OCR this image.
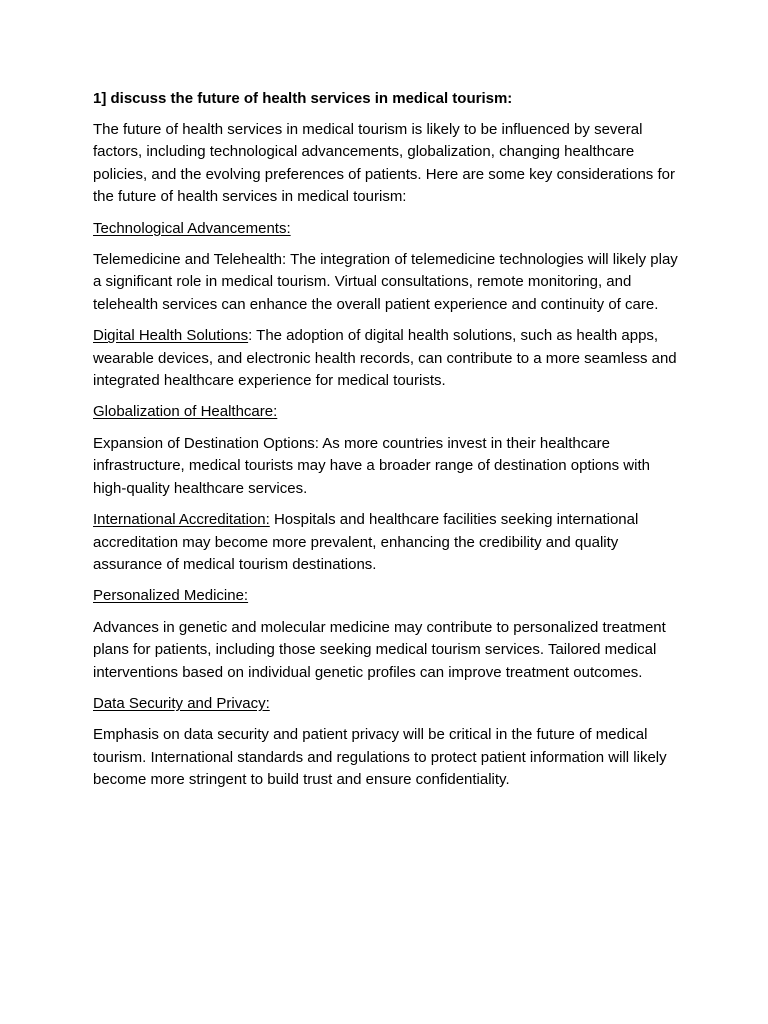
1] discuss the future of health services in medical tourism:

The future of health services in medical tourism is likely to be influenced by several factors, including technological advancements, globalization, changing healthcare policies, and the evolving preferences of patients. Here are some key considerations for the future of health services in medical tourism:

Technological Advancements:

Telemedicine and Telehealth: The integration of telemedicine technologies will likely play a significant role in medical tourism. Virtual consultations, remote monitoring, and telehealth services can enhance the overall patient experience and continuity of care.

Digital Health Solutions: The adoption of digital health solutions, such as health apps, wearable devices, and electronic health records, can contribute to a more seamless and integrated healthcare experience for medical tourists.

Globalization of Healthcare:

Expansion of Destination Options: As more countries invest in their healthcare infrastructure, medical tourists may have a broader range of destination options with high-quality healthcare services.

International Accreditation: Hospitals and healthcare facilities seeking international accreditation may become more prevalent, enhancing the credibility and quality assurance of medical tourism destinations.

Personalized Medicine:

Advances in genetic and molecular medicine may contribute to personalized treatment plans for patients, including those seeking medical tourism services. Tailored medical interventions based on individual genetic profiles can improve treatment outcomes.

Data Security and Privacy:

Emphasis on data security and patient privacy will be critical in the future of medical tourism. International standards and regulations to protect patient information will likely become more stringent to build trust and ensure confidentiality.
